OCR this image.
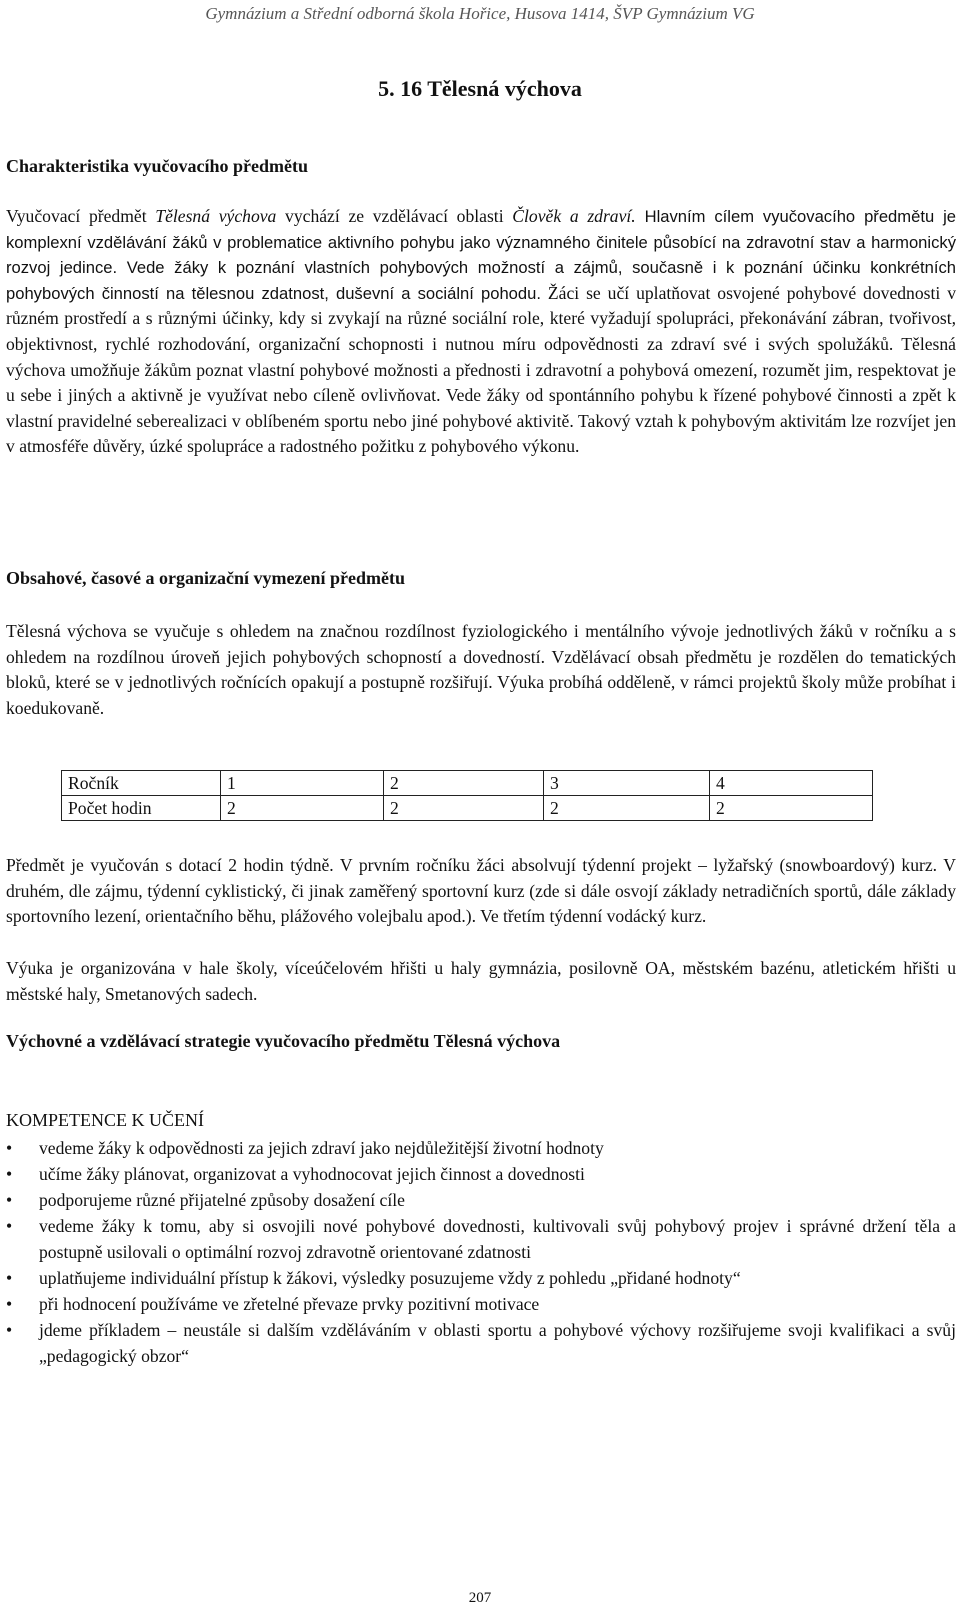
Gymnázium a Střední odborná škola Hořice, Husova 1414, ŠVP Gymnázium VG
5. 16 Tělesná výchova
Charakteristika vyučovacího předmětu
Vyučovací předmět Tělesná výchova vychází ze vzdělávací oblasti Člověk a zdraví. Hlavním cílem vyučovacího předmětu je komplexní vzdělávání žáků v problematice aktivního pohybu jako významného činitele působící na zdravotní stav a harmonický rozvoj jedince. Vede žáky k poznání vlastních pohybových možností a zájmů, současně i k poznání účinku konkrétních pohybových činností na tělesnou zdatnost, duševní a sociální pohodu. Žáci se učí uplatňovat osvojené pohybové dovednosti v různém prostředí a s různými účinky, kdy si zvykají na různé sociální role, které vyžadují spolupráci, překonávání zábran, tvořivost, objektivnost, rychlé rozhodování, organizační schopnosti i nutnou míru odpovědnosti za zdraví své i svých spolužáků. Tělesná výchova umožňuje žákům poznat vlastní pohybové možnosti a přednosti i zdravotní a pohybová omezení, rozumět jim, respektovat je u sebe i jiných a aktivně je využívat nebo cíleně ovlivňovat. Vede žáky od spontánního pohybu k řízené pohybové činnosti a zpět k vlastní pravidelné seberealizaci v oblíbeném sportu nebo jiné pohybové aktivitě. Takový vztah k pohybovým aktivitám lze rozvíjet jen v atmosféře důvěry, úzké spolupráce a radostného požitku z pohybového výkonu.
Obsahové, časové a organizační vymezení předmětu
Tělesná výchova se vyučuje s ohledem na značnou rozdílnost fyziologického i mentálního vývoje jednotlivých žáků v ročníku a s ohledem na rozdílnou úroveň jejich pohybových schopností a dovedností. Vzdělávací obsah předmětu je rozdělen do tematických bloků, které se v jednotlivých ročnících opakují a postupně rozšiřují. Výuka probíhá odděleně, v rámci projektů školy může probíhat i koedukovaně.
Ročník	1	2	3	4
Počet hodin	2	2	2	2
Předmět je vyučován s dotací 2 hodin týdně. V prvním ročníku žáci absolvují týdenní projekt – lyžařský (snowboardový) kurz. V druhém, dle zájmu, týdenní cyklistický, či jinak zaměřený sportovní kurz (zde si dále osvojí základy netradičních sportů, dále základy sportovního lezení, orientačního běhu, plážového volejbalu apod.). Ve třetím týdenní vodácký kurz.
Výuka je organizována v hale školy, víceúčelovém hřišti u haly gymnázia, posilovně OA, městském bazénu, atletickém hřišti u městské haly, Smetanových sadech.
Výchovné a vzdělávací strategie vyučovacího předmětu Tělesná výchova
KOMPETENCE K UČENÍ
• vedeme žáky k odpovědnosti za jejich zdraví jako nejdůležitější životní hodnoty
• učíme žáky plánovat, organizovat a vyhodnocovat jejich činnost a dovednosti
• podporujeme různé přijatelné způsoby dosažení cíle
• vedeme žáky k tomu, aby si osvojili nové pohybové dovednosti, kultivovali svůj pohybový projev i správné držení těla a postupně usilovali o optimální rozvoj zdravotně orientované zdatnosti
• uplatňujeme individuální přístup k žákovi, výsledky posuzujeme vždy z pohledu „přidané hodnoty“
• při hodnocení používáme ve zřetelné převaze prvky pozitivní motivace
• jdeme příkladem – neustále si dalším vzděláváním v oblasti sportu a pohybové výchovy rozšiřujeme svoji kvalifikaci a svůj „pedagogický obzor“
207
